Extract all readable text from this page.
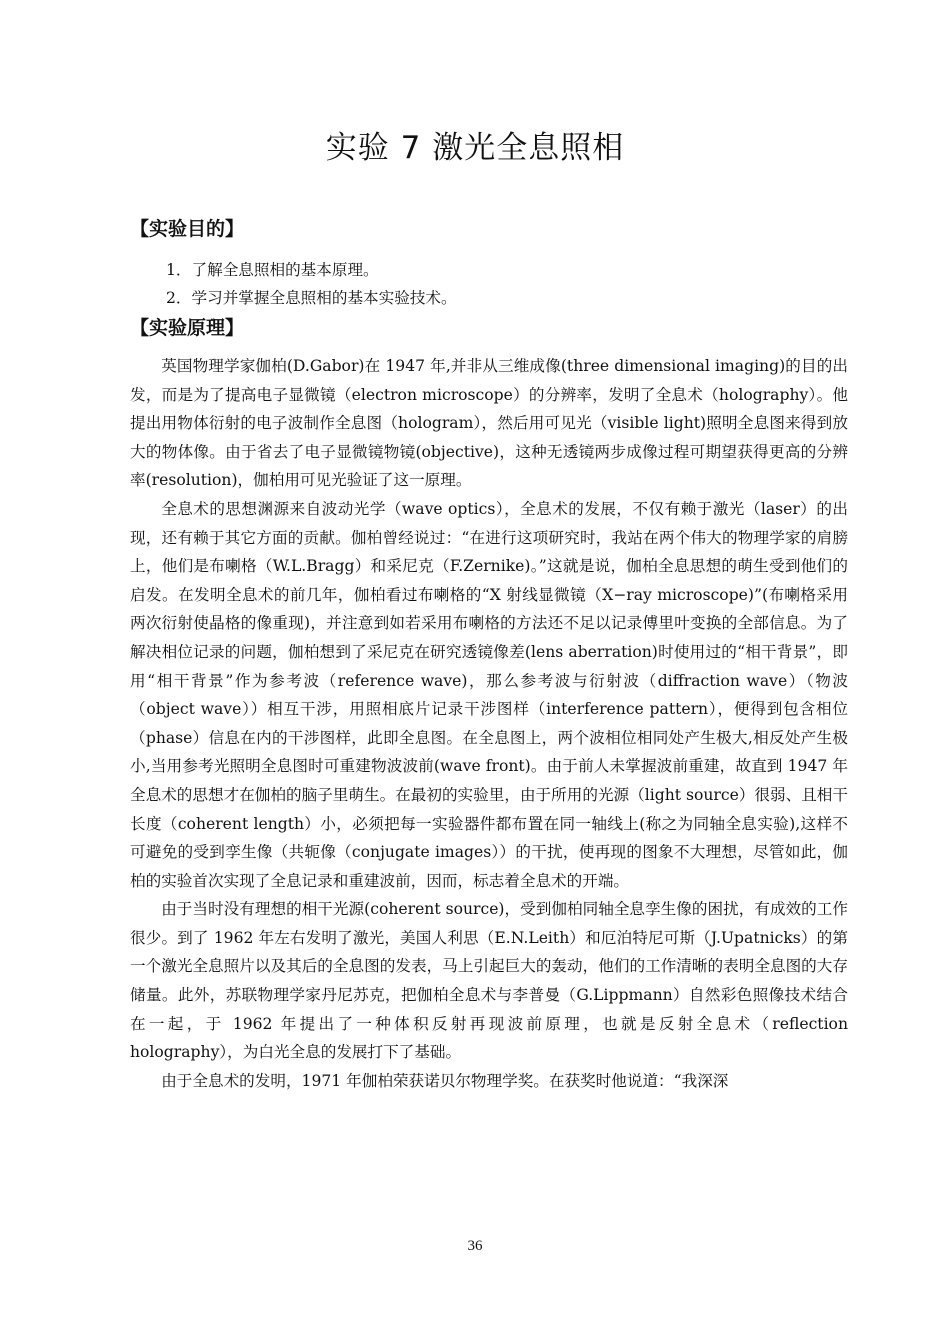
实验 7 激光全息照相
【实验目的】
1．了解全息照相的基本原理。
2．学习并掌握全息照相的基本实验技术。
【实验原理】

英国物理学家伽柏(D.Gabor)在 1947 年,并非从三维成像(three dimensional imaging)的目的出发，而是为了提高电子显微镜（electron microscope）的分辨率，发明了全息术（holography）。他提出用物体衍射的电子波制作全息图（hologram），然后用可见光（visible light)照明全息图来得到放大的物体像。由于省去了电子显微镜物镜(objective)，这种无透镜两步成像过程可期望获得更高的分辨率(resolution)，伽柏用可见光验证了这一原理。

全息术的思想渊源来自波动光学（wave optics），全息术的发展，不仅有赖于激光（laser）的出现，还有赖于其它方面的贡献。伽柏曾经说过：“在进行这项研究时，我站在两个伟大的物理学家的肩膀上，他们是布喇格（W.L.Bragg）和采尼克（F.Zernike)。”这就是说，伽柏全息思想的萌生受到他们的启发。在发明全息术的前几年，伽柏看过布喇格的“X 射线显微镜（X−ray microscope)”(布喇格采用两次衍射使晶格的像重现)，并注意到如若采用布喇格的方法还不足以记录傅里叶变换的全部信息。为了解决相位记录的问题，伽柏想到了采尼克在研究透镜像差(lens aberration)时使用过的“相干背景”，即用“相干背景”作为参考波（reference wave)，那么参考波与衍射波（diffraction wave）（物波（object wave））相互干涉，用照相底片记录干涉图样（interference pattern），便得到包含相位（phase）信息在内的干涉图样，此即全息图。在全息图上，两个波相位相同处产生极大,相反处产生极小,当用参考光照明全息图时可重建物波波前(wave front)。由于前人未掌握波前重建，故直到 1947 年全息术的思想才在伽柏的脑子里萌生。在最初的实验里，由于所用的光源（light source）很弱、且相干长度（coherent length）小，必须把每一实验器件都布置在同一轴线上(称之为同轴全息实验),这样不可避免的受到孪生像（共轭像（conjugate images））的干扰，使再现的图象不大理想，尽管如此，伽柏的实验首次实现了全息记录和重建波前，因而，标志着全息术的开端。

由于当时没有理想的相干光源(coherent source)，受到伽柏同轴全息孪生像的困扰，有成效的工作很少。到了 1962 年左右发明了激光，美国人利思（E.N.Leith）和厄泊特尼可斯（J.Upatnicks）的第一个激光全息照片以及其后的全息图的发表，马上引起巨大的轰动，他们的工作清晰的表明全息图的大存储量。此外，苏联物理学家丹尼苏克，把伽柏全息术与李普曼（G.Lippmann）自然彩色照像技术结合在一起，于 1962 年提出了一种体积反射再现波前原理，也就是反射全息术（reflection holography），为白光全息的发展打下了基础。

由于全息术的发明，1971 年伽柏荣获诺贝尔物理学奖。在获奖时他说道：“我深深

36
